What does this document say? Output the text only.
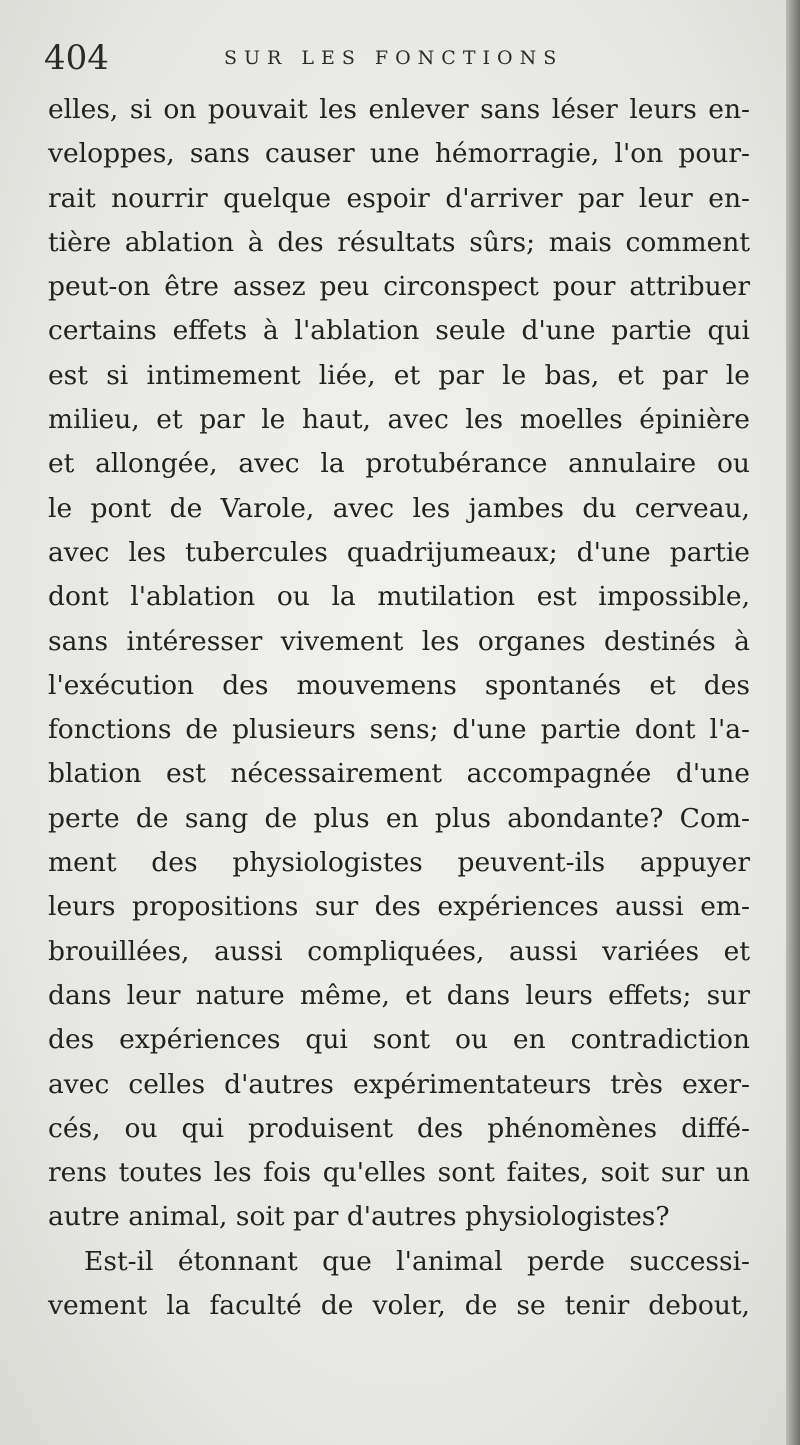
404	SUR LES FONCTIONS
elles, si on pouvait les enlever sans léser leurs en-
veloppes, sans causer une hémorragie, l'on pour-
rait nourrir quelque espoir d'arriver par leur en-
tière ablation à des résultats sûrs; mais comment
peut-on être assez peu circonspect pour attribuer
certains effets à l'ablation seule d'une partie qui
est si intimement liée, et par le bas, et par le
milieu, et par le haut, avec les moelles épinière
et allongée, avec la protubérance annulaire ou
le pont de Varole, avec les jambes du cerveau,
avec les tubercules quadrijumeaux; d'une partie
dont l'ablation ou la mutilation est impossible,
sans intéresser vivement les organes destinés à
l'exécution des mouvemens spontanés et des
fonctions de plusieurs sens; d'une partie dont l'a-
blation est nécessairement accompagnée d'une
perte de sang de plus en plus abondante? Com-
ment des physiologistes peuvent-ils appuyer
leurs propositions sur des expériences aussi em-
brouillées, aussi compliquées, aussi variées et
dans leur nature même, et dans leurs effets; sur
des expériences qui sont ou en contradiction
avec celles d'autres expérimentateurs très exer-
cés, ou qui produisent des phénomènes diffé-
rens toutes les fois qu'elles sont faites, soit sur un
autre animal, soit par d'autres physiologistes?
Est-il étonnant que l'animal perde successi-
vement la faculté de voler, de se tenir debout,
